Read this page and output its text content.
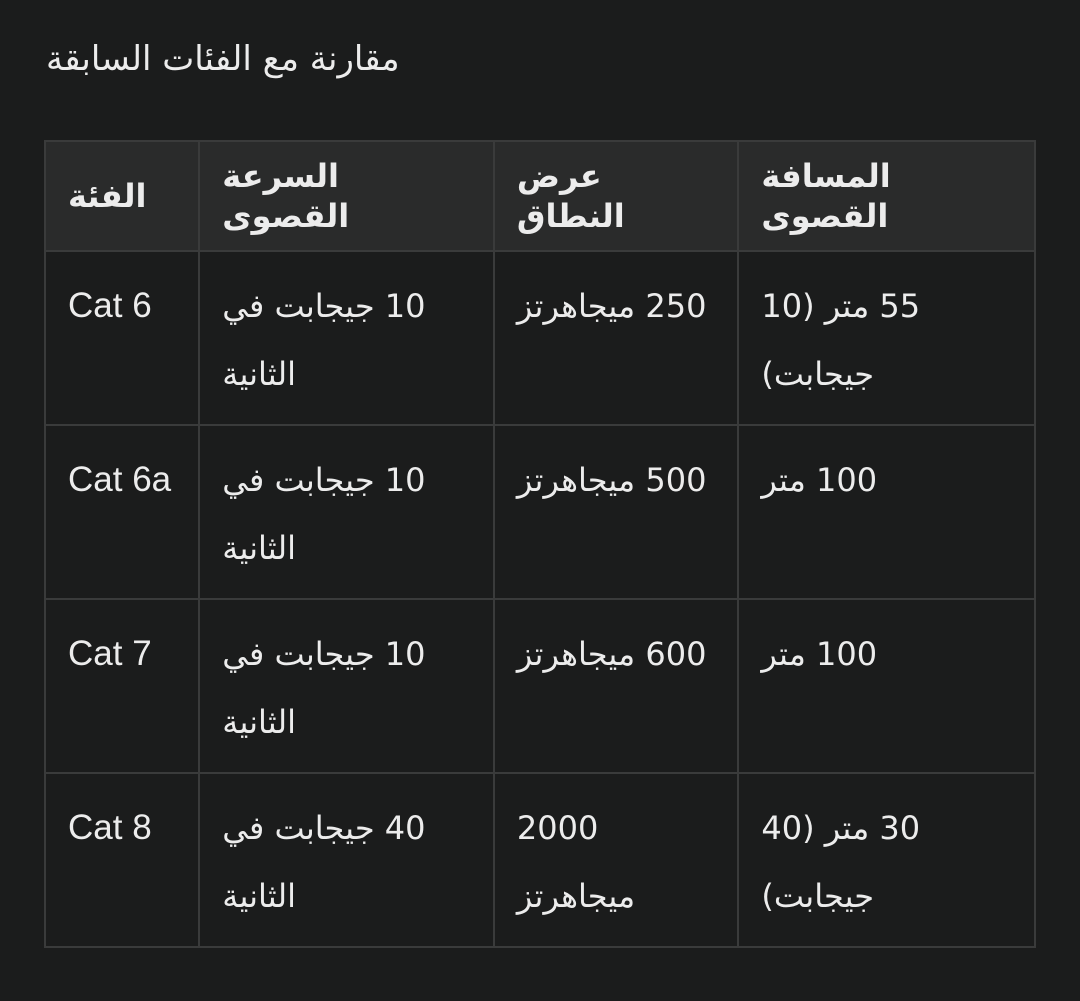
مقارنة مع الفئات السابقة
الفئة	السرعة القصوى	عرض النطاق	المسافة القصوى

Cat 6	10 جيجابت في الثانية	250 ميجاهرتز	55 متر (10 جيجابت)

Cat 6a	10 جيجابت في الثانية	500 ميجاهرتز	100 متر

Cat 7	10 جيجابت في الثانية	600 ميجاهرتز	100 متر

Cat 8	40 جيجابت في الثانية	2000 ميجاهرتز	30 متر (40 جيجابت)
